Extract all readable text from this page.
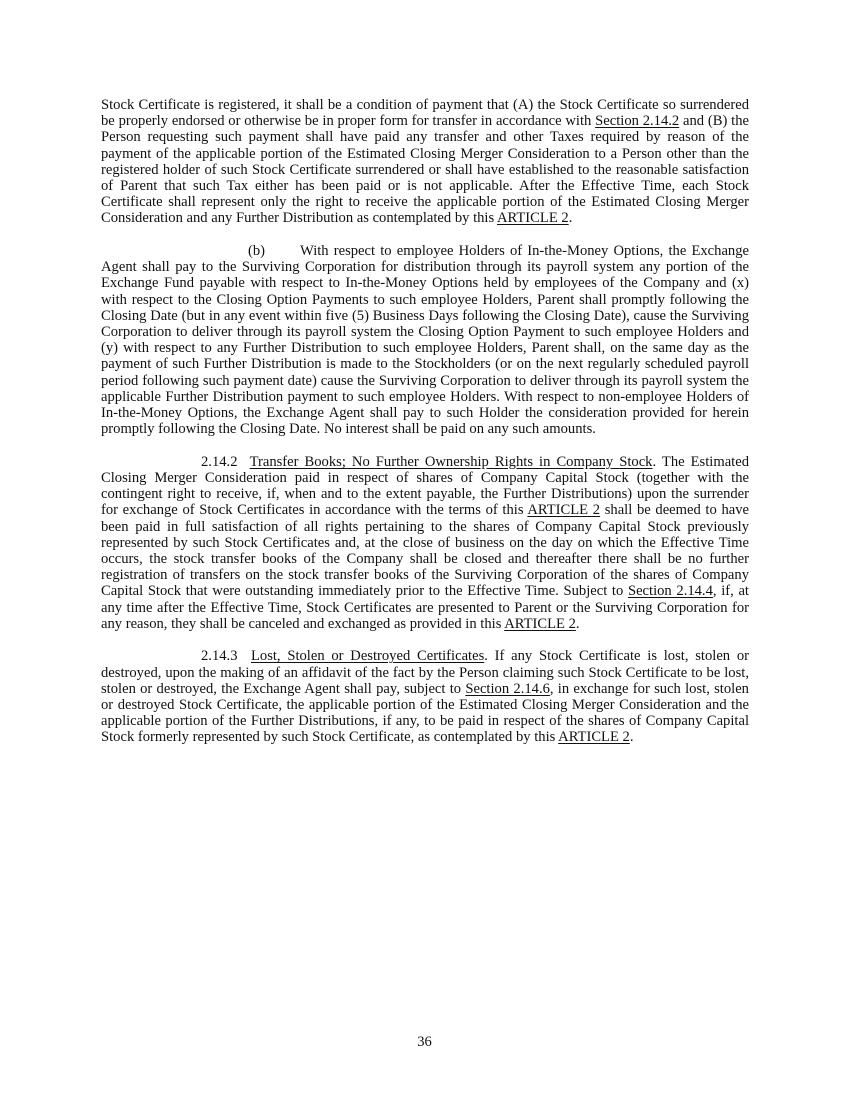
Stock Certificate is registered, it shall be a condition of payment that (A) the Stock Certificate so surrendered be properly endorsed or otherwise be in proper form for transfer in accordance with Section 2.14.2 and (B) the Person requesting such payment shall have paid any transfer and other Taxes required by reason of the payment of the applicable portion of the Estimated Closing Merger Consideration to a Person other than the registered holder of such Stock Certificate surrendered or shall have established to the reasonable satisfaction of Parent that such Tax either has been paid or is not applicable. After the Effective Time, each Stock Certificate shall represent only the right to receive the applicable portion of the Estimated Closing Merger Consideration and any Further Distribution as contemplated by this ARTICLE 2.

(b) With respect to employee Holders of In-the-Money Options, the Exchange Agent shall pay to the Surviving Corporation for distribution through its payroll system any portion of the Exchange Fund payable with respect to In-the-Money Options held by employees of the Company and (x) with respect to the Closing Option Payments to such employee Holders, Parent shall promptly following the Closing Date (but in any event within five (5) Business Days following the Closing Date), cause the Surviving Corporation to deliver through its payroll system the Closing Option Payment to such employee Holders and (y) with respect to any Further Distribution to such employee Holders, Parent shall, on the same day as the payment of such Further Distribution is made to the Stockholders (or on the next regularly scheduled payroll period following such payment date) cause the Surviving Corporation to deliver through its payroll system the applicable Further Distribution payment to such employee Holders. With respect to non-employee Holders of In-the-Money Options, the Exchange Agent shall pay to such Holder the consideration provided for herein promptly following the Closing Date. No interest shall be paid on any such amounts.

2.14.2 Transfer Books; No Further Ownership Rights in Company Stock. The Estimated Closing Merger Consideration paid in respect of shares of Company Capital Stock (together with the contingent right to receive, if, when and to the extent payable, the Further Distributions) upon the surrender for exchange of Stock Certificates in accordance with the terms of this ARTICLE 2 shall be deemed to have been paid in full satisfaction of all rights pertaining to the shares of Company Capital Stock previously represented by such Stock Certificates and, at the close of business on the day on which the Effective Time occurs, the stock transfer books of the Company shall be closed and thereafter there shall be no further registration of transfers on the stock transfer books of the Surviving Corporation of the shares of Company Capital Stock that were outstanding immediately prior to the Effective Time. Subject to Section 2.14.4, if, at any time after the Effective Time, Stock Certificates are presented to Parent or the Surviving Corporation for any reason, they shall be canceled and exchanged as provided in this ARTICLE 2.

2.14.3 Lost, Stolen or Destroyed Certificates. If any Stock Certificate is lost, stolen or destroyed, upon the making of an affidavit of the fact by the Person claiming such Stock Certificate to be lost, stolen or destroyed, the Exchange Agent shall pay, subject to Section 2.14.6, in exchange for such lost, stolen or destroyed Stock Certificate, the applicable portion of the Estimated Closing Merger Consideration and the applicable portion of the Further Distributions, if any, to be paid in respect of the shares of Company Capital Stock formerly represented by such Stock Certificate, as contemplated by this ARTICLE 2.

36
